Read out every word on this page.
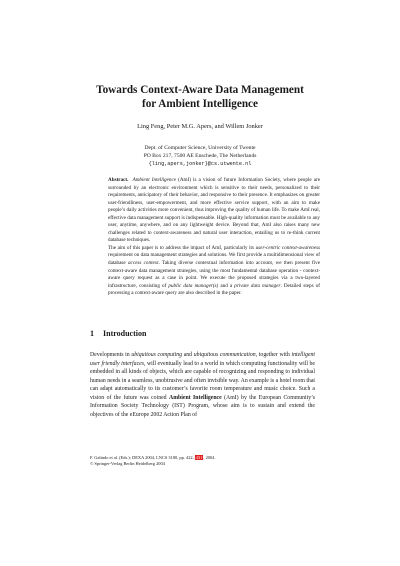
Towards Context-Aware Data Management
for Ambient Intelligence
Ling Feng, Peter M.G. Apers, and Willem Jonker
Dept. of Computer Science, University of Twente
PO Box 217, 7500 AE Enschede, The Netherlands
{ling,apers,jonker}@cs.utwente.nl

Abstract. Ambient Intelligence (AmI) is a vision of future Information Society, where people are surrounded by an electronic environment which is sensitive to their needs, personalized to their requirements, anticipatory of their behavior, and responsive to their presence. It emphasizes on greater user-friendliness, user-empowerment, and more effective service support, with an aim to make people’s daily activities more convenient, thus improving the quality of human life. To make AmI real, effective data management support is indispensable. High-quality information must be available to any user, anytime, anywhere, and on any lightweight device. Beyond that, AmI also raises many new challenges related to context-awareness and natural user interaction, entailing us to re-think current database techniques.

The aim of this paper is to address the impact of AmI, particularly its user-centric context-awareness requirement on data management strategies and solutions. We first provide a multidimensional view of database access context. Taking diverse contextual information into account, we then present five context-aware data management strategies, using the most fundamental database operation - context-aware query request as a case in point. We execute the proposed strategies via a two-layered infrastructure, consisting of public data manager(s) and a private data manager. Detailed steps of processing a context-aware query are also described in the paper.

1 Introduction
Developments in ubiquitous computing and ubiquitous communication, together with intelligent user friendly interfaces, will eventually lead to a world in which computing functionality will be embedded in all kinds of objects, which are capable of recognizing and responding to individual human needs in a seamless, unobtrusive and often invisible way. An example is a hotel room that can adapt automatically to its customer’s favorite room temperature and music choice. Such a vision of the future was coined Ambient Intelligence (AmI) by the European Community’s Information Society Technology (IST) Program, whose aim is to sustain and extend the objectives of the eEurope 2002 Action Plan of
F. Galindo et al. (Eds.): DEXA 2004, LNCS 3180, pp. 422–431, 2004.
© Springer-Verlag Berlin Heidelberg 2004
